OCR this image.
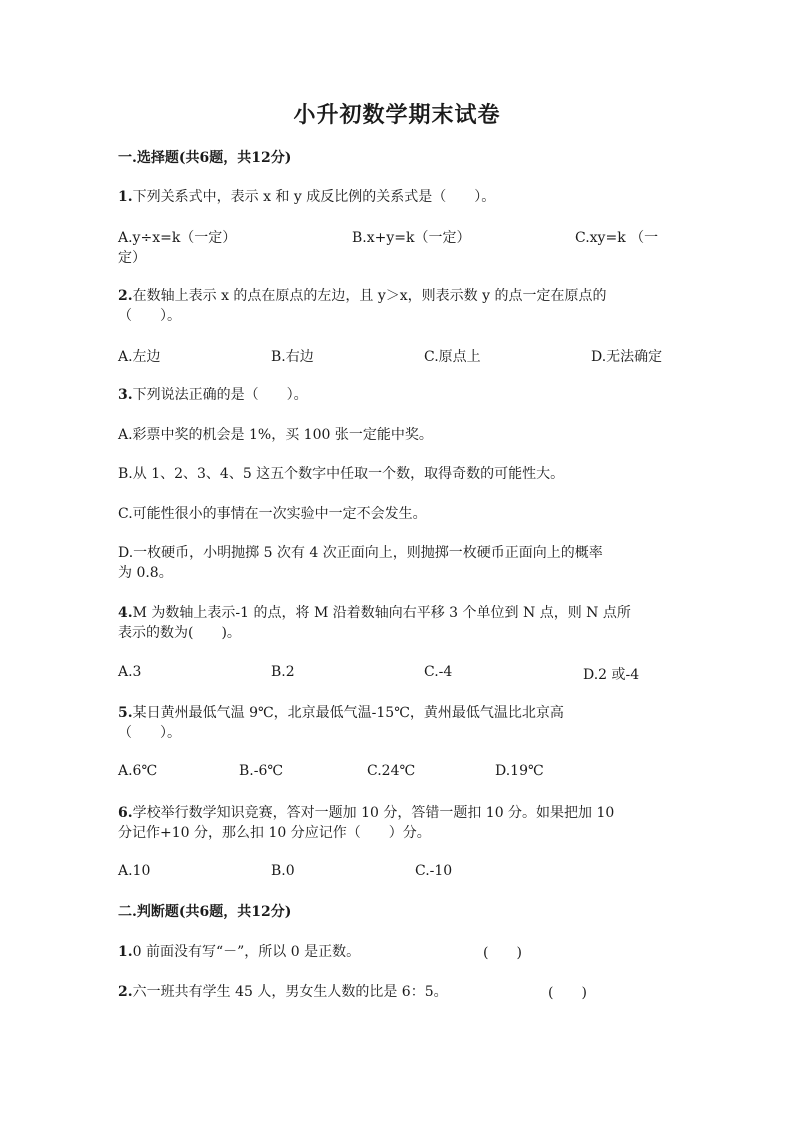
小升初数学期末试卷
一.选择题(共6题，共12分)
1.下列关系式中，表示 x 和 y 成反比例的关系式是（　　）。
A.y÷x=k（一定）	B.x+y=k（一定）	C.xy=k （一
定）
2.在数轴上表示 x 的点在原点的左边，且 y＞x，则表示数 y 的点一定在原点的
（　　）。
A.左边	B.右边	C.原点上	D.无法确定
3.下列说法正确的是（　　）。
A.彩票中奖的机会是 1%，买 100 张一定能中奖。
B.从 1、2、3、4、5 这五个数字中任取一个数，取得奇数的可能性大。
C.可能性很小的事情在一次实验中一定不会发生。
D.一枚硬币，小明抛掷 5 次有 4 次正面向上，则抛掷一枚硬币正面向上的概率
为 0.8。
4.M 为数轴上表示-1 的点，将 M 沿着数轴向右平移 3 个单位到 N 点，则 N 点所
表示的数为(　　)。
A.3	B.2	C.-4	D.2 或-4
5.某日黄州最低气温 9℃，北京最低气温-15℃，黄州最低气温比北京高
（　　）。
A.6℃	B.-6℃	C.24℃	D.19℃
6.学校举行数学知识竞赛，答对一题加 10 分，答错一题扣 10 分。如果把加 10
分记作+10 分，那么扣 10 分应记作（　　）分。
A.10	B.0	C.-10
二.判断题(共6题，共12分)
1.0 前面没有写“－”，所以 0 是正数。	(　　)
2.六一班共有学生 45 人，男女生人数的比是 6：5。	(　　)
